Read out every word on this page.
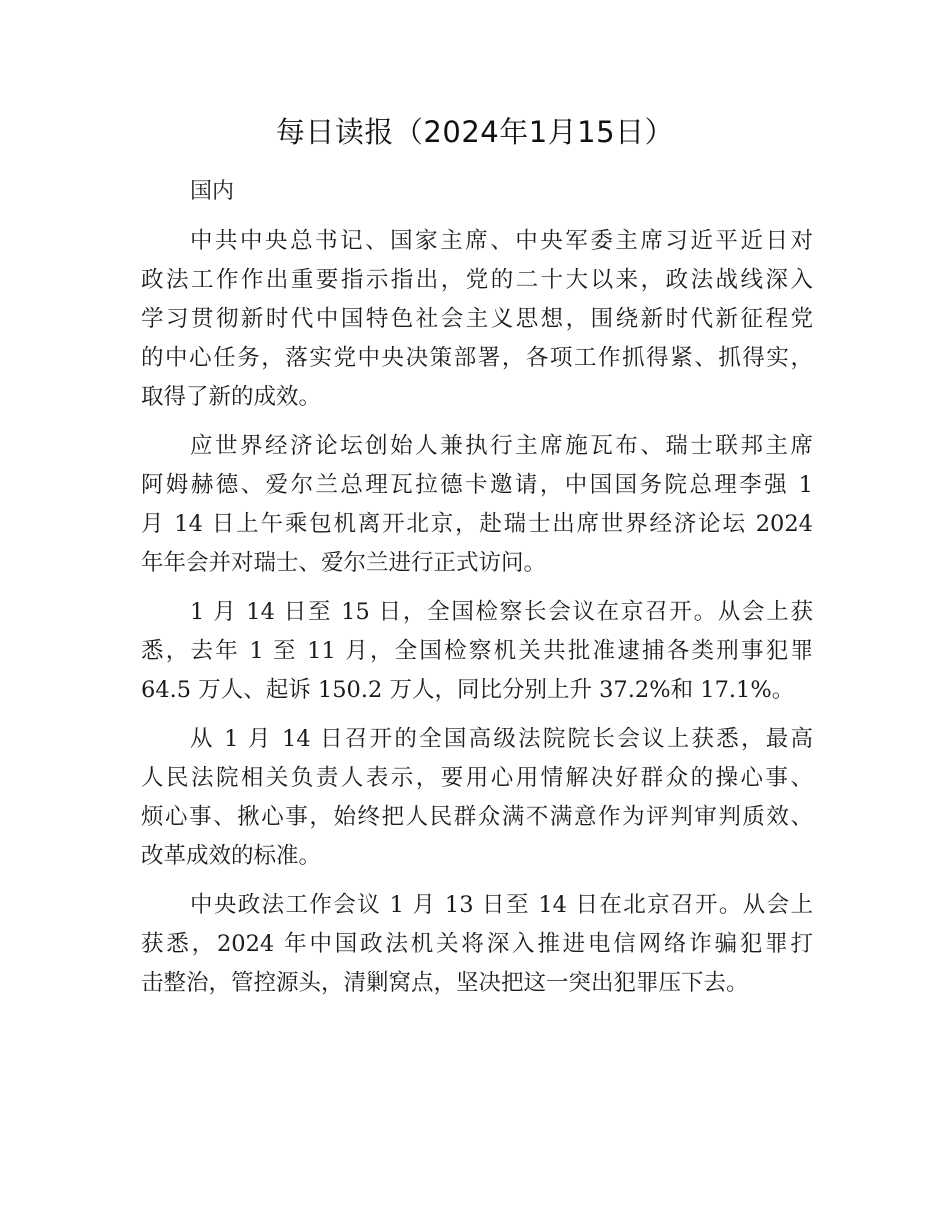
每日读报（2024年1月15日）
国内
中共中央总书记、国家主席、中央军委主席习近平近日对
政法工作作出重要指示指出，党的二十大以来，政法战线深入
学习贯彻新时代中国特色社会主义思想，围绕新时代新征程党
的中心任务，落实党中央决策部署，各项工作抓得紧、抓得实，
取得了新的成效。
应世界经济论坛创始人兼执行主席施瓦布、瑞士联邦主席
阿姆赫德、爱尔兰总理瓦拉德卡邀请，中国国务院总理李强 1
月 14 日上午乘包机离开北京，赴瑞士出席世界经济论坛 2024
年年会并对瑞士、爱尔兰进行正式访问。
1 月 14 日至 15 日，全国检察长会议在京召开。从会上获
悉，去年 1 至 11 月，全国检察机关共批准逮捕各类刑事犯罪
64.5 万人、起诉 150.2 万人，同比分别上升 37.2%和 17.1%。
从 1 月 14 日召开的全国高级法院院长会议上获悉，最高
人民法院相关负责人表示，要用心用情解决好群众的操心事、
烦心事、揪心事，始终把人民群众满不满意作为评判审判质效、
改革成效的标准。
中央政法工作会议 1 月 13 日至 14 日在北京召开。从会上
获悉，2024 年中国政法机关将深入推进电信网络诈骗犯罪打
击整治，管控源头，清剿窝点，坚决把这一突出犯罪压下去。
